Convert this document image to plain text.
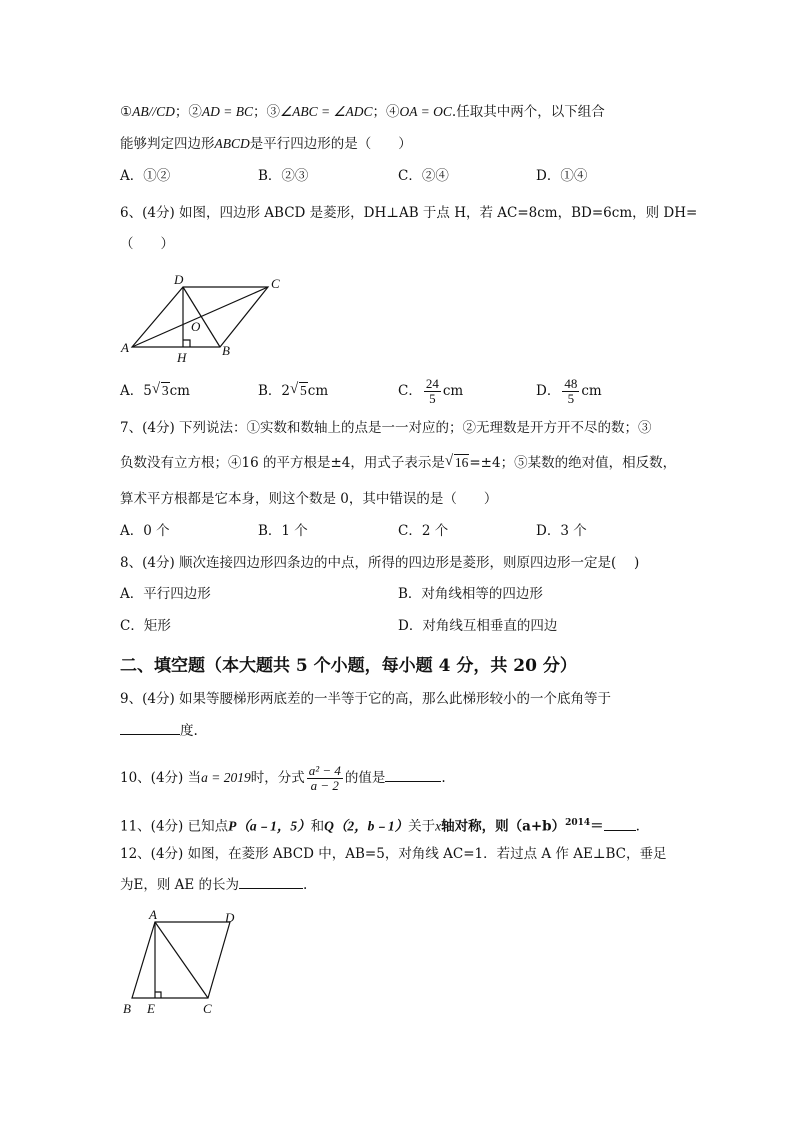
①AB//CD；②AD = BC；③∠ABC = ∠ADC；④OA = OC.任取其中两个，以下组合
能够判定四边形ABCD是平行四边形的是（　　）
A．①②	B．②③	C．②④	D．①④
6、(4分) 如图，四边形 ABCD 是菱形，DH⊥AB 于点 H，若 AC=8cm，BD=6cm，则 DH=
（　　）
D	C
O
A
H	B
A．5 √ 3cm	B．2 √ 5cm	C． $\frac{24}{5}$ cm	D． $\frac{48}{5}$ cm
7、(4分) 下列说法：①实数和数轴上的点是一一对应的；②无理数是开方开不尽的数；③
负数没有立方根；④16 的平方根是±4，用式子表示是 √ 16=±4；⑤某数的绝对值，相反数，
算术平方根都是它本身，则这个数是 0，其中错误的是（　　）
A．0 个	B．1 个	C．2 个	D．3 个
8、(4分) 顺次连接四边形四条边的中点，所得的四边形是菱形，则原四边形一定是(　 )
A．平行四边形	B．对角线相等的四边形
C．矩形	D．对角线互相垂直的四边
二、填空题（本大题共 5 个小题，每小题 4 分，共 20 分）
9、(4分) 如果等腰梯形两底差的一半等于它的高，那么此梯形较小的一个底角等于
度.
10、(4分) 当a = 2019时，分式 $\frac{\text{a² − 4}}{a - 2}$ 的值是	.
11、(4分) 已知点P（a﹣1，5）和Q（2，b﹣1）关于x轴对称，则$(a+b)^{2014}=$ .
12、(4分) 如图，在菱形 ABCD 中，AB=5，对角线 AC=1．若过点 A 作 AE⊥BC，垂足
为E，则 AE 的长为	.
A	D
B E	C
